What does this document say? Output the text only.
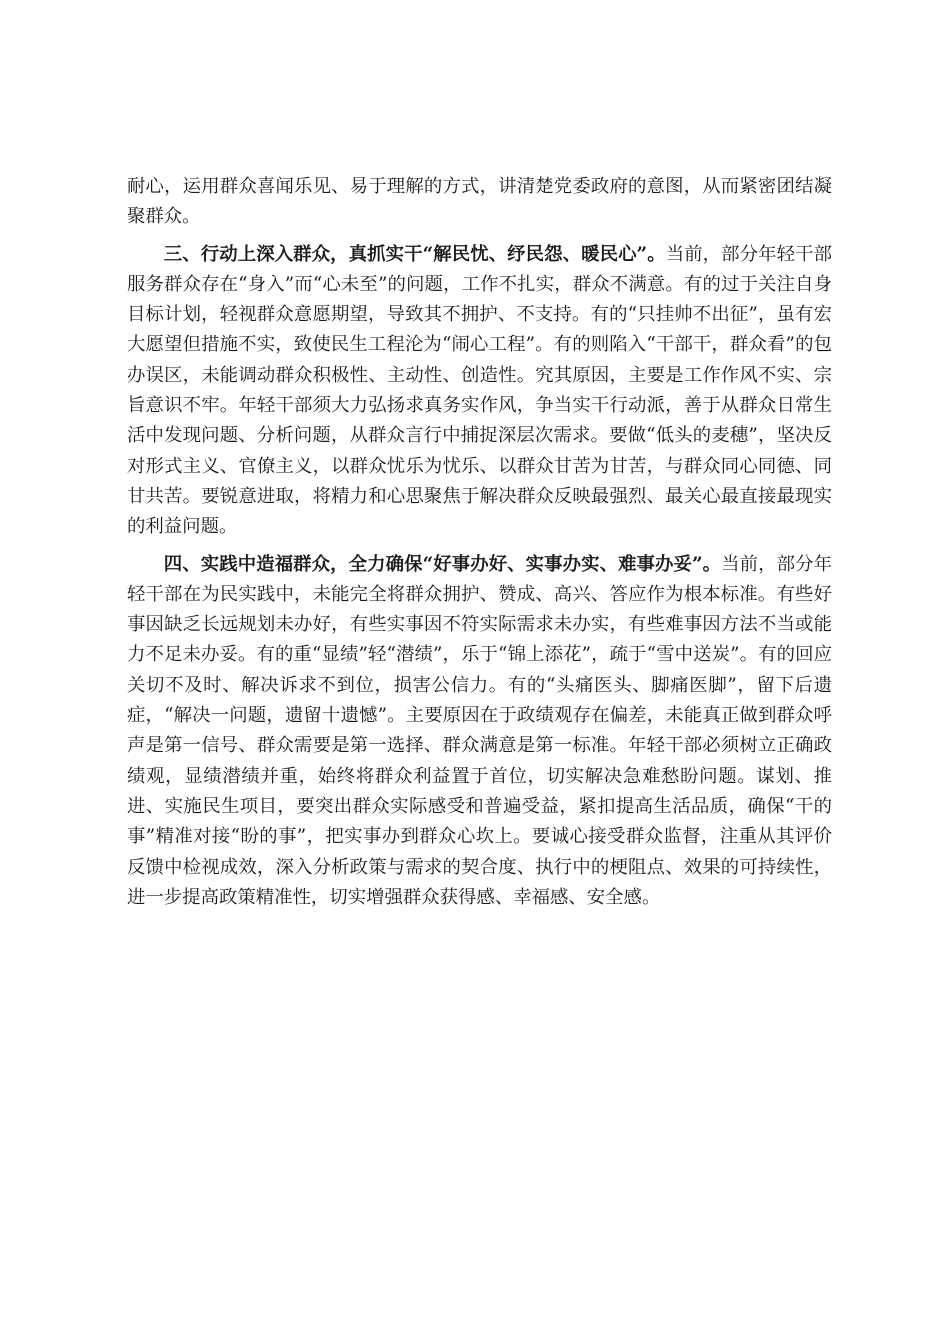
耐心，运用群众喜闻乐见、易于理解的方式，讲清楚党委政府的意图，从而紧密团结凝聚群众。

三、行动上深入群众，真抓实干“解民忧、纾民怨、暖民心”。当前，部分年轻干部服务群众存在“身入”而“心未至”的问题，工作不扎实，群众不满意。有的过于关注自身目标计划，轻视群众意愿期望，导致其不拥护、不支持。有的“只挂帅不出征”，虽有宏大愿望但措施不实，致使民生工程沦为“闹心工程”。有的则陷入“干部干，群众看”的包办误区，未能调动群众积极性、主动性、创造性。究其原因，主要是工作作风不实、宗旨意识不牢。年轻干部须大力弘扬求真务实作风，争当实干行动派，善于从群众日常生活中发现问题、分析问题，从群众言行中捕捉深层次需求。要做“低头的麦穗”，坚决反对形式主义、官僚主义，以群众忧乐为忧乐、以群众甘苦为甘苦，与群众同心同德、同甘共苦。要锐意进取，将精力和心思聚焦于解决群众反映最强烈、最关心最直接最现实的利益问题。

四、实践中造福群众，全力确保“好事办好、实事办实、难事办妥”。当前，部分年轻干部在为民实践中，未能完全将群众拥护、赞成、高兴、答应作为根本标准。有些好事因缺乏长远规划未办好，有些实事因不符实际需求未办实，有些难事因方法不当或能力不足未办妥。有的重“显绩”轻“潜绩”，乐于“锦上添花”，疏于“雪中送炭”。有的回应关切不及时、解决诉求不到位，损害公信力。有的“头痛医头、脚痛医脚”，留下后遗症，“解决一问题，遗留十遗憾”。主要原因在于政绩观存在偏差，未能真正做到群众呼声是第一信号、群众需要是第一选择、群众满意是第一标准。年轻干部必须树立正确政绩观，显绩潜绩并重，始终将群众利益置于首位，切实解决急难愁盼问题。谋划、推进、实施民生项目，要突出群众实际感受和普遍受益，紧扣提高生活品质，确保“干的事”精准对接“盼的事”，把实事办到群众心坎上。要诚心接受群众监督，注重从其评价反馈中检视成效，深入分析政策与需求的契合度、执行中的梗阻点、效果的可持续性，进一步提高政策精准性，切实增强群众获得感、幸福感、安全感。
